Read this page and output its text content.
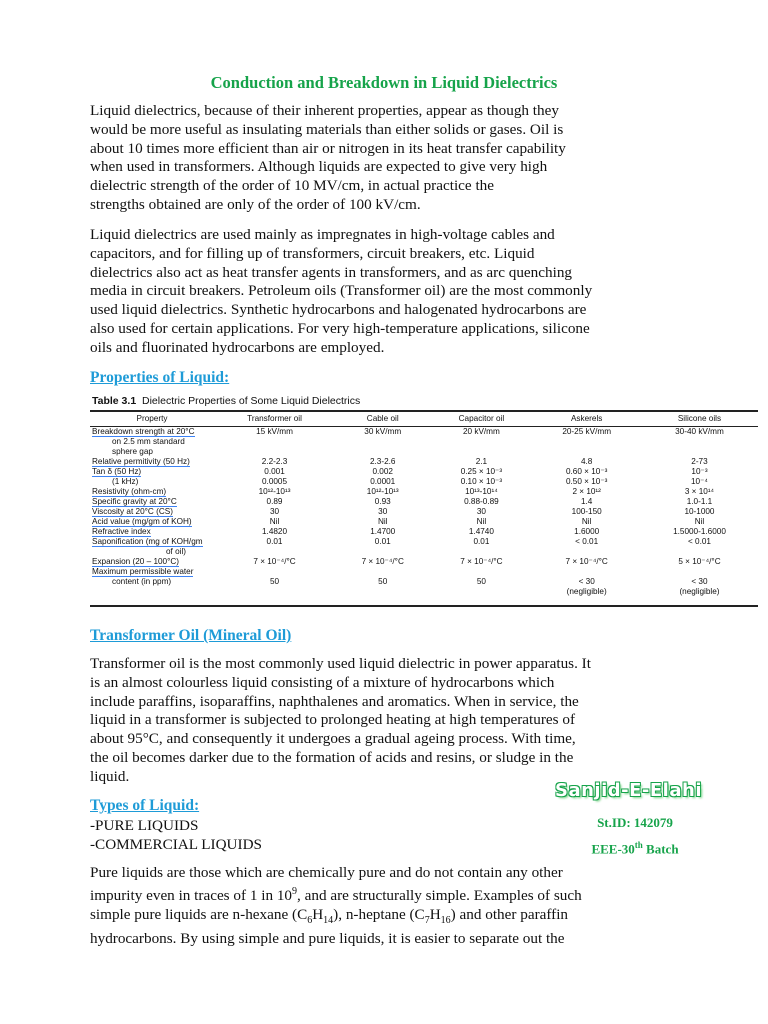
Conduction and Breakdown in Liquid Dielectrics
Liquid dielectrics, because of their inherent properties, appear as though they
would be more useful as insulating materials than either solids or gases. Oil is
about 10 times more efficient than air or nitrogen in its heat transfer capability
when used in transformers. Although liquids are expected to give very high
dielectric strength of the order of 10 MV/cm, in actual practice the
strengths obtained are only of the order of 100 kV/cm.
Liquid dielectrics are used mainly as impregnates in high-voltage cables and
capacitors, and for filling up of transformers, circuit breakers, etc. Liquid
dielectrics also act as heat transfer agents in transformers, and as arc quenching
media in circuit breakers. Petroleum oils (Transformer oil) are the most commonly
used liquid dielectrics. Synthetic hydrocarbons and halogenated hydrocarbons are
also used for certain applications. For very high-temperature applications, silicone
oils and fluorinated hydrocarbons are employed.
Properties of Liquid:
Table 3.1 Dielectric Properties of Some Liquid Dielectrics
Property	Transformer oil	Cable oil	Capacitor oil	Askerels	Silicone oils
Breakdown strength at 20°C	15 kV/mm	30 kV/mm	20 kV/mm	20-25 kV/mm	30-40 kV/mm
on 2.5 mm standard sphere gap					
Relative permitivity (50 Hz)	2.2-2.3	2.3-2.6	2.1	4.8	2-73
Tan δ (50 Hz)	0.001	0.002	0.25 × 10⁻³	0.60 × 10⁻³	10⁻³
(1 kHz)	0.0005	0.0001	0.10 × 10⁻³	0.50 × 10⁻³	10⁻⁴
Resistivity (ohm-cm)	10¹²-10¹³	10¹²-10¹³	10¹³-10¹⁴	2 × 10¹²	3 × 10¹⁴
Specific gravity at 20°C	0.89	0.93	0.88-0.89	1.4	1.0-1.1
Viscosity at 20°C (CS)	30	30	30	100-150	10-1000
Acid value (mg/gm of KOH)	Nil	Nil	Nil	Nil	Nil
Refractive index	1.4820	1.4700	1.4740	1.6000	1.5000-1.6000
Saponification (mg of KOH/gm	0.01	0.01	0.01	< 0.01	< 0.01
of oil)					
Expansion (20 – 100°C)	7 × 10⁻⁴/°C	7 × 10⁻⁴/°C	7 × 10⁻⁴/°C	7 × 10⁻⁴/°C	5 × 10⁻⁴/°C
Maximum permissible water					
content (in ppm)	50	50	50	< 30	< 30
				(negligible)	(negligible)
Transformer Oil (Mineral Oil)
Transformer oil is the most commonly used liquid dielectric in power apparatus. It
is an almost colourless liquid consisting of a mixture of hydrocarbons which
include paraffins, isoparaffins, naphthalenes and aromatics. When in service, the
liquid in a transformer is subjected to prolonged heating at high temperatures of
about 95°C, and consequently it undergoes a gradual ageing process. With time,
the oil becomes darker due to the formation of acids and resins, or sludge in the
liquid.
Types of Liquid:
-PURE LIQUIDS
-COMMERCIAL LIQUIDS
Sanjid-E-Elahi
St.ID: 142079
EEE-30th Batch
Pure liquids are those which are chemically pure and do not contain any other
impurity even in traces of 1 in $10^9$, and are structurally simple. Examples of such
simple pure liquids are n-hexane $(C_6H_{14})$, n-heptane $(C_7H_{16})$ and other paraffin
hydrocarbons. By using simple and pure liquids, it is easier to separate out the
